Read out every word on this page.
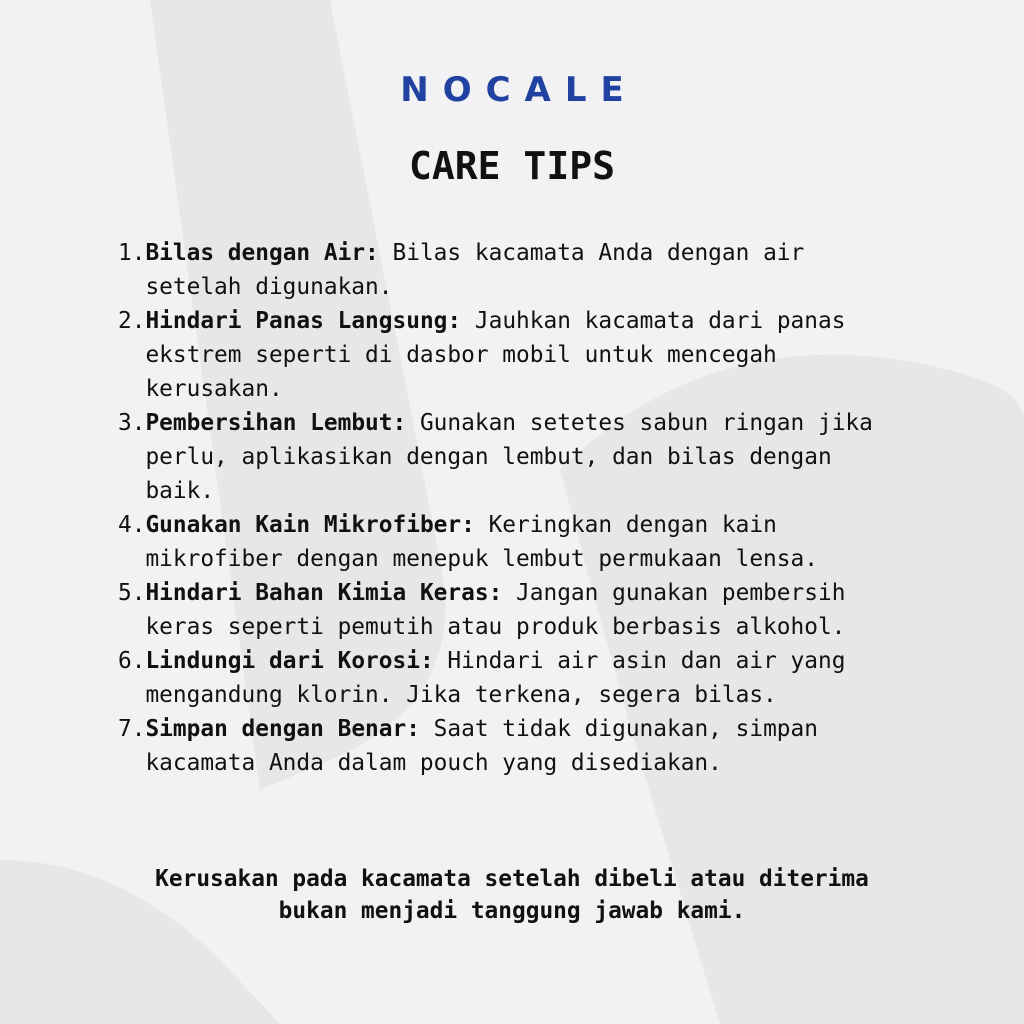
NOCALE
CARE TIPS
1.Bilas dengan Air: Bilas kacamata Anda dengan air setelah digunakan.
2.Hindari Panas Langsung: Jauhkan kacamata dari panas ekstrem seperti di dasbor mobil untuk mencegah kerusakan.
3.Pembersihan Lembut: Gunakan setetes sabun ringan jika perlu, aplikasikan dengan lembut, dan bilas dengan baik.
4.Gunakan Kain Mikrofiber: Keringkan dengan kain mikrofiber dengan menepuk lembut permukaan lensa.
5.Hindari Bahan Kimia Keras: Jangan gunakan pembersih keras seperti pemutih atau produk berbasis alkohol.
6.Lindungi dari Korosi: Hindari air asin dan air yang mengandung klorin. Jika terkena, segera bilas.
7.Simpan dengan Benar: Saat tidak digunakan, simpan kacamata Anda dalam pouch yang disediakan.
Kerusakan pada kacamata setelah dibeli atau diterima
bukan menjadi tanggung jawab kami.
